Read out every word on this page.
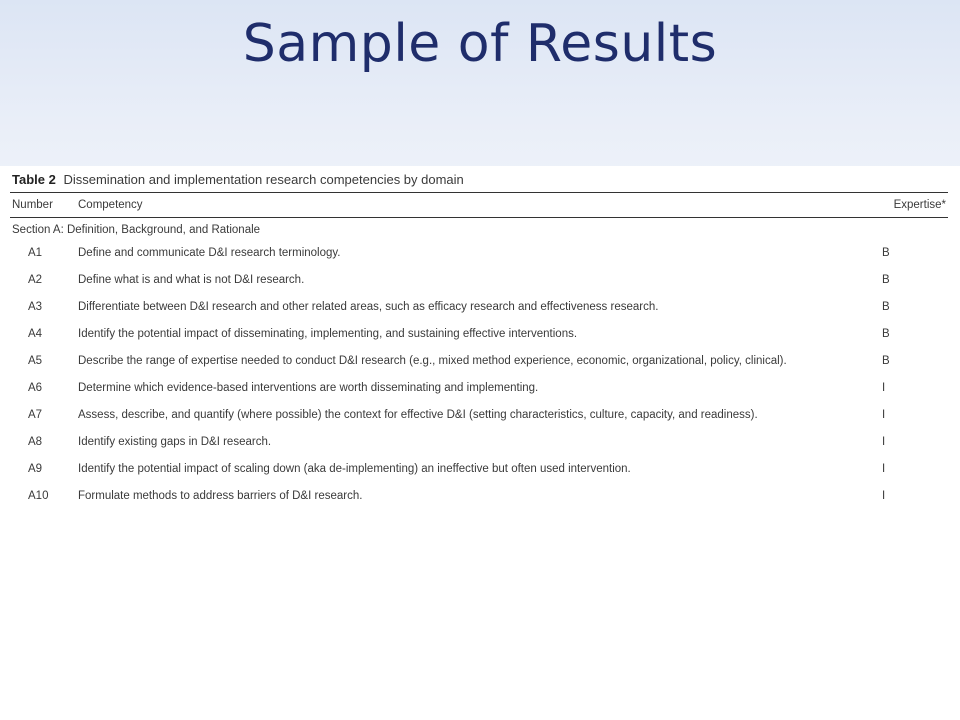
Sample of Results
Table 2 Dissemination and implementation research competencies by domain		
Number	Competency	Expertise*
Section A: Definition, Background, and Rationale		
A1	Define and communicate D&I research terminology.	B
A2	Define what is and what is not D&I research.	B
A3	Differentiate between D&I research and other related areas, such as efficacy research and effectiveness research.	B
A4	Identify the potential impact of disseminating, implementing, and sustaining effective interventions.	B
A5	Describe the range of expertise needed to conduct D&I research (e.g., mixed method experience, economic, organizational, policy, clinical).	B
A6	Determine which evidence-based interventions are worth disseminating and implementing.	I
A7	Assess, describe, and quantify (where possible) the context for effective D&I (setting characteristics, culture, capacity, and readiness).	I
A8	Identify existing gaps in D&I research.	I
A9	Identify the potential impact of scaling down (aka de-implementing) an ineffective but often used intervention.	I
A10	Formulate methods to address barriers of D&I research.	I
